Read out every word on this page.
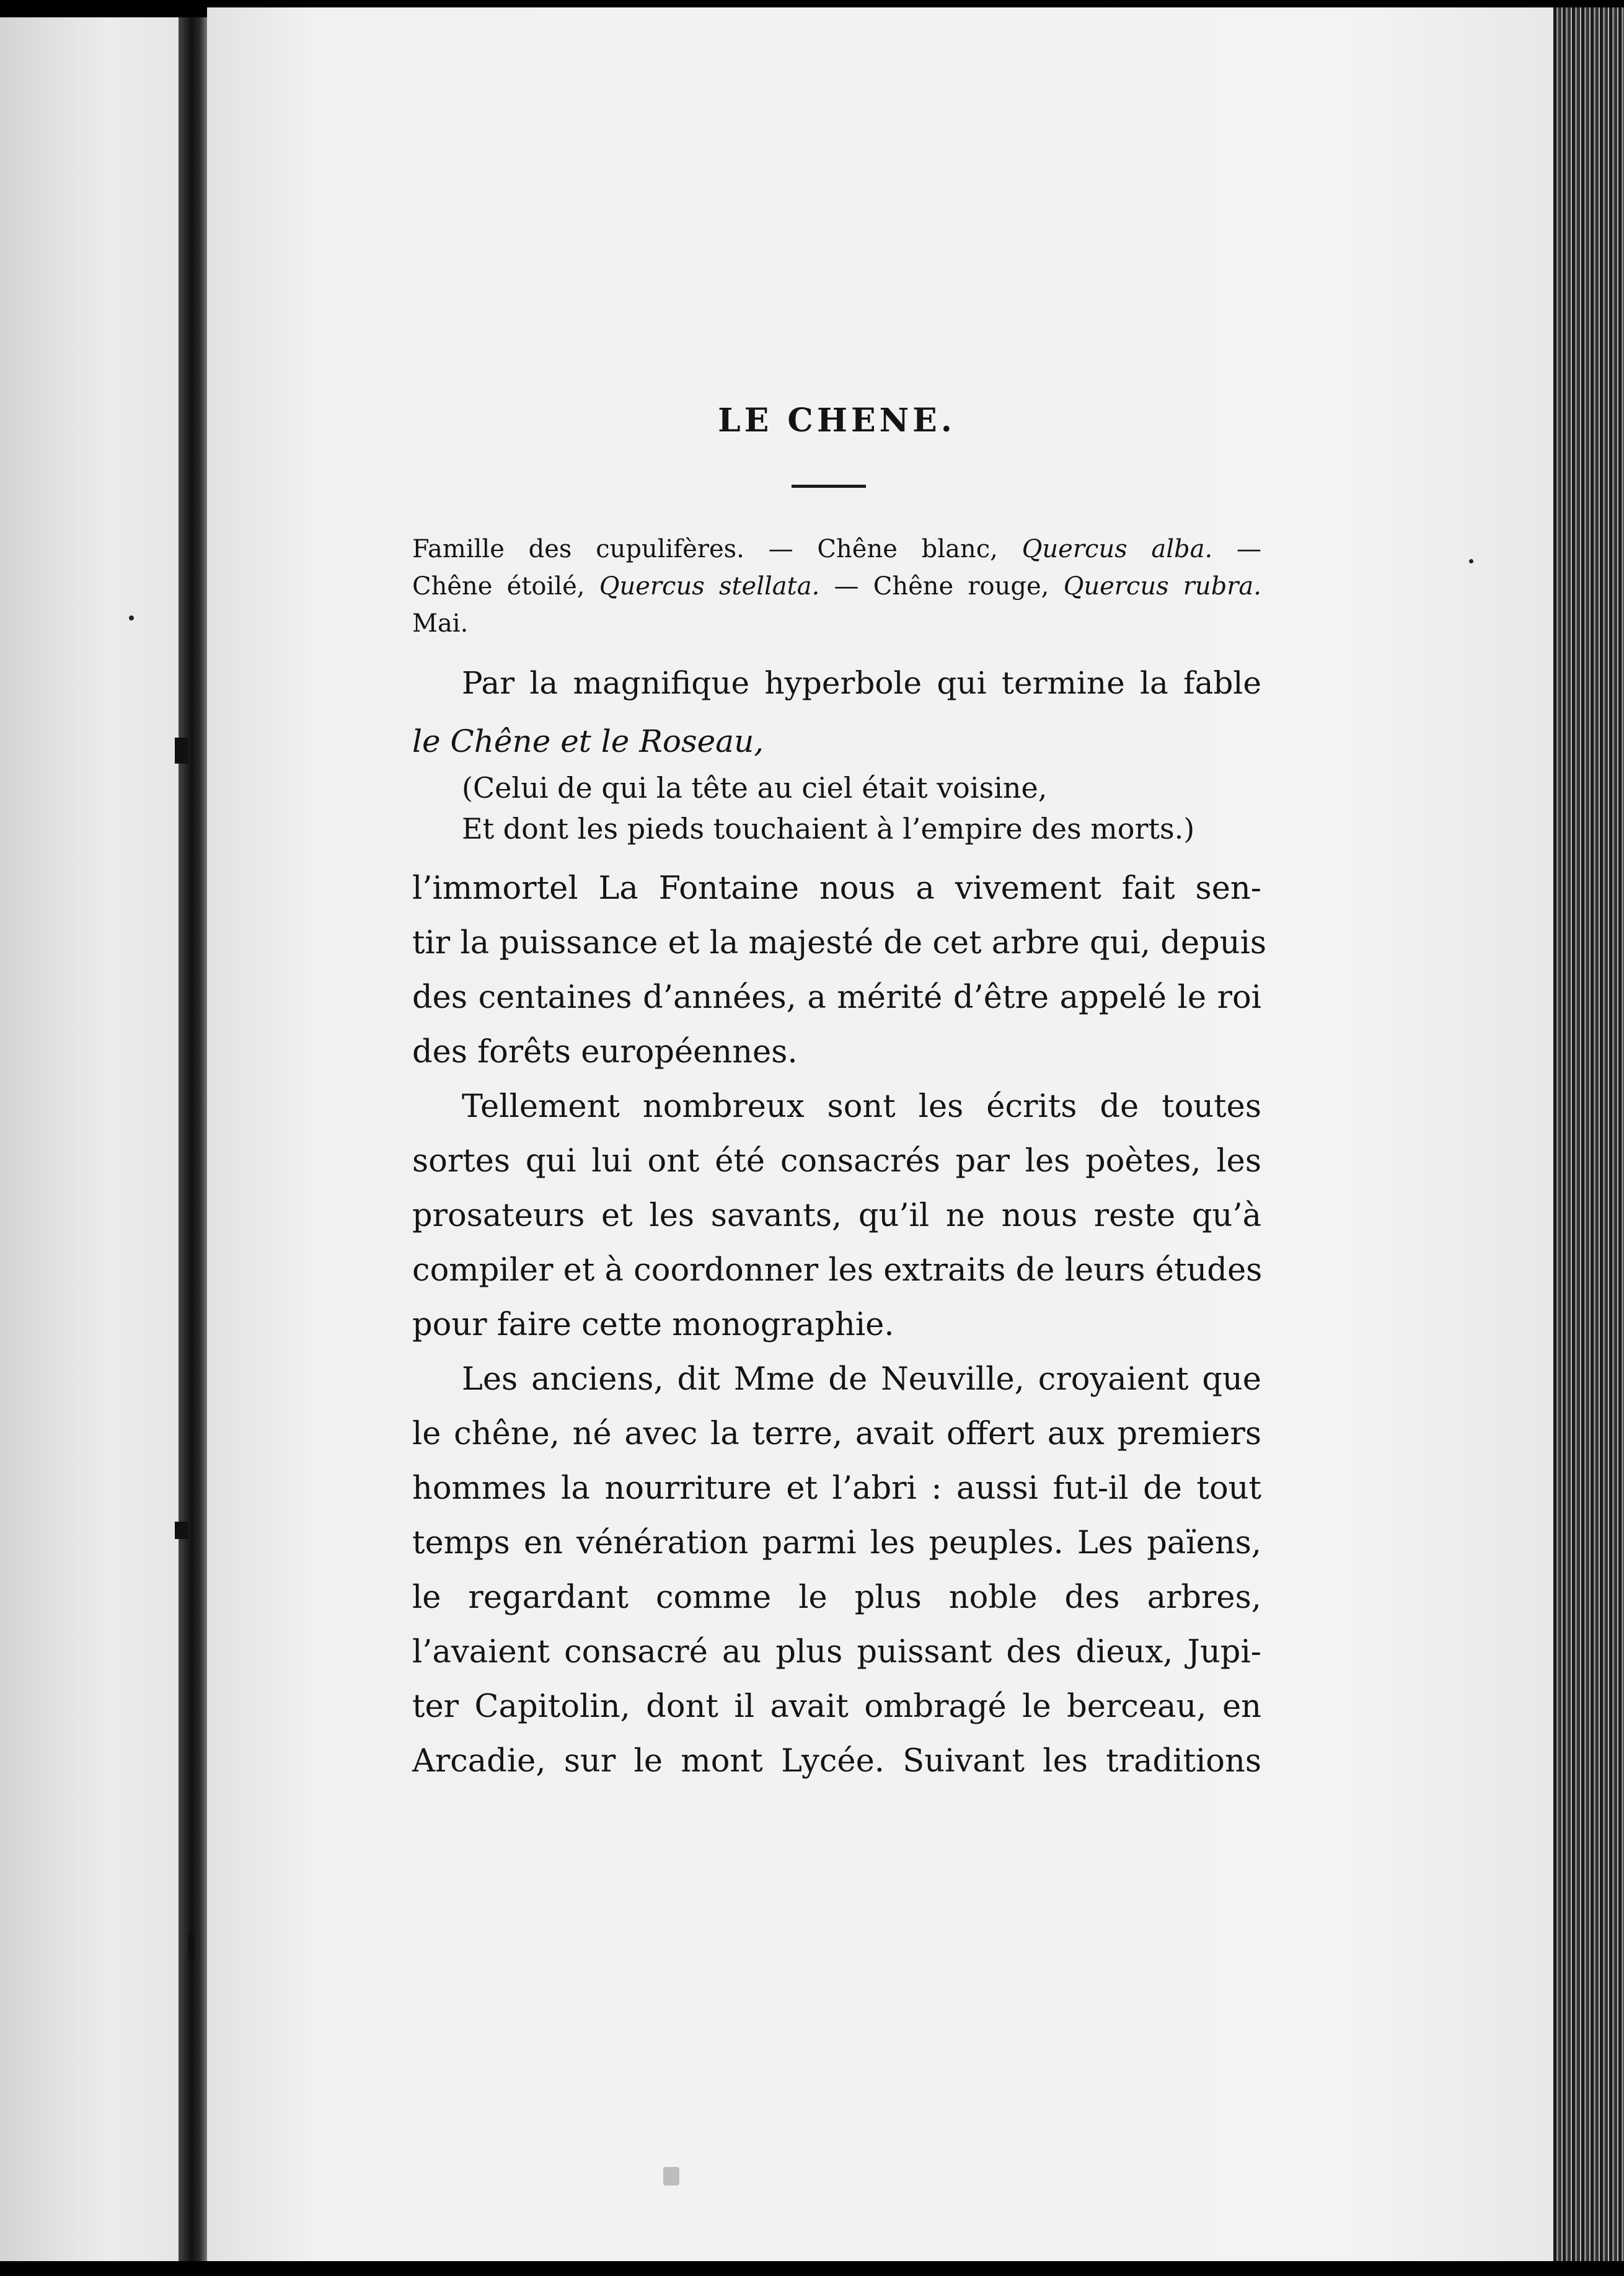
LE CHENE.
Famille des cupulifères. — Chêne blanc, Quercus alba. —
Chêne étoilé, Quercus stellata. — Chêne rouge, Quercus rubra.
Mai.
Par la magnifique hyperbole qui termine la fable
le Chêne et le Roseau,
(Celui de qui la tête au ciel était voisine,
Et dont les pieds touchaient à l’empire des morts.)
l’immortel La Fontaine nous a vivement fait sen-
tir la puissance et la majesté de cet arbre qui, depuis
des centaines d’années, a mérité d’être appelé le roi
des forêts européennes.
Tellement nombreux sont les écrits de toutes
sortes qui lui ont été consacrés par les poètes, les
prosateurs et les savants, qu’il ne nous reste qu’à
compiler et à coordonner les extraits de leurs études
pour faire cette monographie.
Les anciens, dit Mme de Neuville, croyaient que
le chêne, né avec la terre, avait offert aux premiers
hommes la nourriture et l’abri : aussi fut-il de tout
temps en vénération parmi les peuples. Les païens,
le regardant comme le plus noble des arbres,
l’avaient consacré au plus puissant des dieux, Jupi-
ter Capitolin, dont il avait ombragé le berceau, en
Arcadie, sur le mont Lycée. Suivant les traditions
